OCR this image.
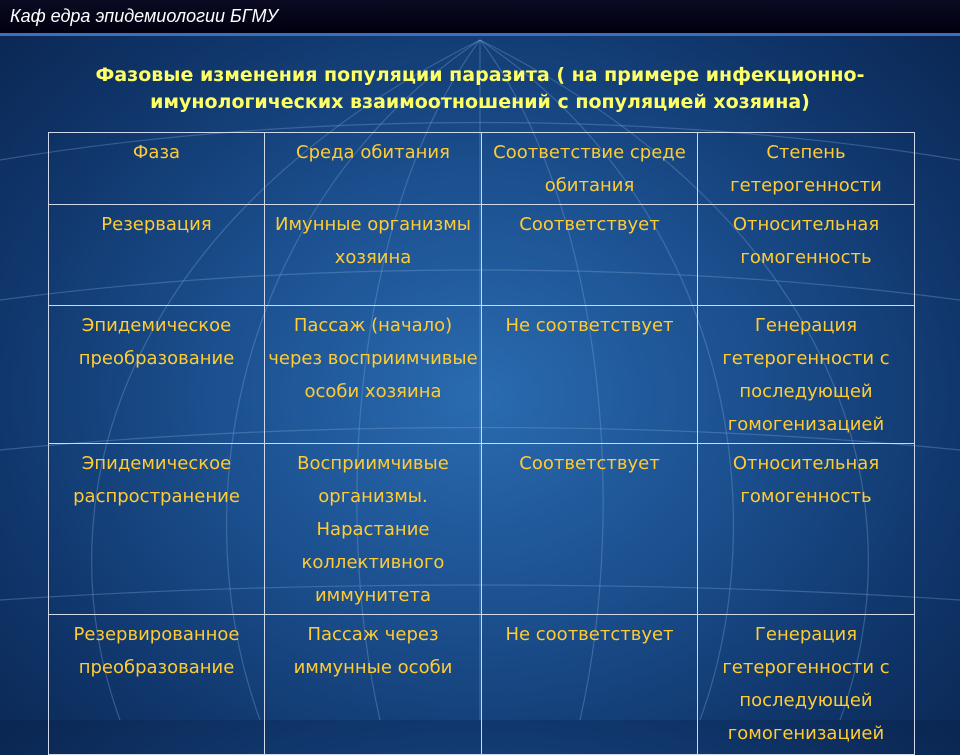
Каф едра эпидемиологии БГМУ
Фазовые изменения популяции паразита ( на примере инфекционно-
имунологических взаимоотношений с популяцией хозяина)
Фаза	Среда обитания	Соответствие среде обитания	Степень гетерогенности
Резервация	Имунные организмы хозяина	Соответствует	Относительная гомогенность
Эпидемическое преобразование	Пассаж (начало) через восприимчивые особи хозяина	Не соответствует	Генерация гетерогенности с последующей гомогенизацией
Эпидемическое распространение	Восприимчивые организмы. Нарастание коллективного иммунитета	Соответствует	Относительная гомогенность
Резервированное преобразование	Пассаж через иммунные особи	Не соответствует	Генерация гетерогенности с последующей гомогенизацией
